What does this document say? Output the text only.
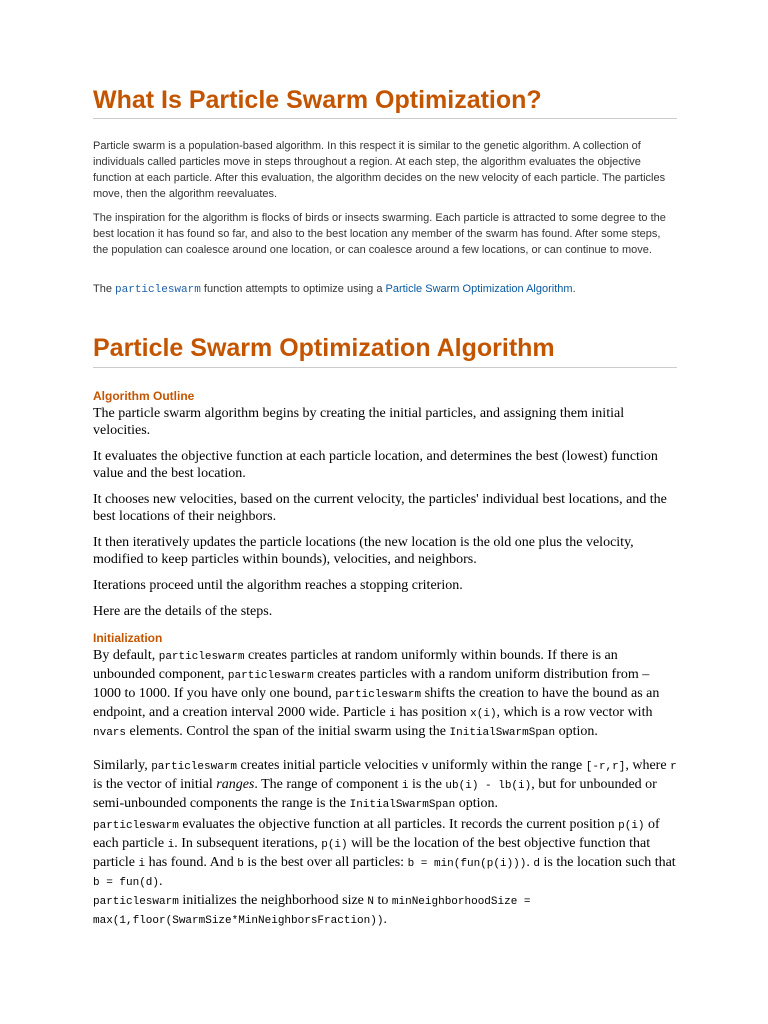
What Is Particle Swarm Optimization?

Particle swarm is a population-based algorithm. In this respect it is similar to the genetic algorithm. A collection of individuals called particles move in steps throughout a region. At each step, the algorithm evaluates the objective function at each particle. After this evaluation, the algorithm decides on the new velocity of each particle. The particles move, then the algorithm reevaluates.

The inspiration for the algorithm is flocks of birds or insects swarming. Each particle is attracted to some degree to the best location it has found so far, and also to the best location any member of the swarm has found. After some steps, the population can coalesce around one location, or can coalesce around a few locations, or can continue to move.

The particleswarm function attempts to optimize using a Particle Swarm Optimization Algorithm.

Particle Swarm Optimization Algorithm
Algorithm Outline

The particle swarm algorithm begins by creating the initial particles, and assigning them initial velocities.

It evaluates the objective function at each particle location, and determines the best (lowest) function value and the best location.

It chooses new velocities, based on the current velocity, the particles' individual best locations, and the best locations of their neighbors.

It then iteratively updates the particle locations (the new location is the old one plus the velocity, modified to keep particles within bounds), velocities, and neighbors.

Iterations proceed until the algorithm reaches a stopping criterion.

Here are the details of the steps.

Initialization

By default, particleswarm creates particles at random uniformly within bounds. If there is an unbounded component, particleswarm creates particles with a random uniform distribution from –1000 to 1000. If you have only one bound, particleswarm shifts the creation to have the bound as an endpoint, and a creation interval 2000 wide. Particle i has position x(i), which is a row vector with nvars elements. Control the span of the initial swarm using the InitialSwarmSpan option.

Similarly, particleswarm creates initial particle velocities v uniformly within the range [-r,r], where r is the vector of initial ranges. The range of component i is the ub(i) - lb(i), but for unbounded or semi-unbounded components the range is the InitialSwarmSpan option.

particleswarm evaluates the objective function at all particles. It records the current position p(i) of each particle i. In subsequent iterations, p(i) will be the location of the best objective function that particle i has found. And b is the best over all particles: b = min(fun(p(i))). d is the location such that b = fun(d).

particleswarm initializes the neighborhood size N to minNeighborhoodSize = max(1,floor(SwarmSize*MinNeighborsFraction)).
